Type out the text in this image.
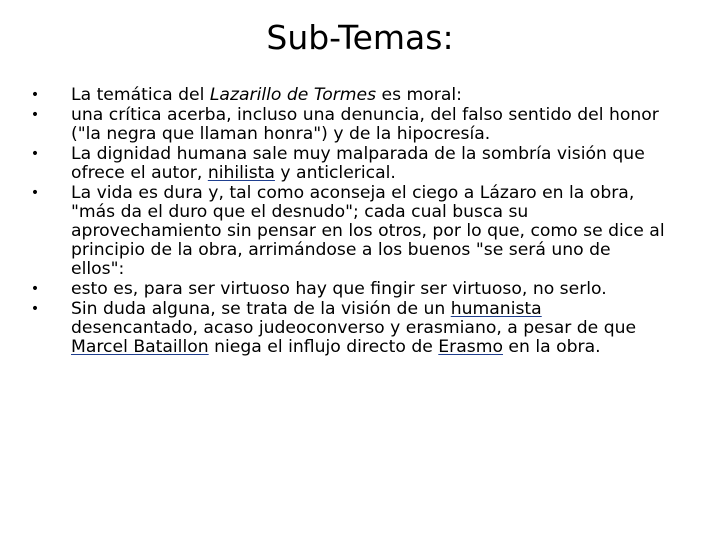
Sub-Temas:
• La temática del Lazarillo de Tormes es moral:
• una crítica acerba, incluso una denuncia, del falso sentido del honor ("la negra que llaman honra") y de la hipocresía.
• La dignidad humana sale muy malparada de la sombría visión que ofrece el autor, nihilista y anticlerical.
• La vida es dura y, tal como aconseja el ciego a Lázaro en la obra, "más da el duro que el desnudo"; cada cual busca su aprovechamiento sin pensar en los otros, por lo que, como se dice al principio de la obra, arrimándose a los buenos "se será uno de ellos":
• esto es, para ser virtuoso hay que fingir ser virtuoso, no serlo.
• Sin duda alguna, se trata de la visión de un humanista desencantado, acaso judeoconverso y erasmiano, a pesar de que Marcel Bataillon niega el influjo directo de Erasmo en la obra.
